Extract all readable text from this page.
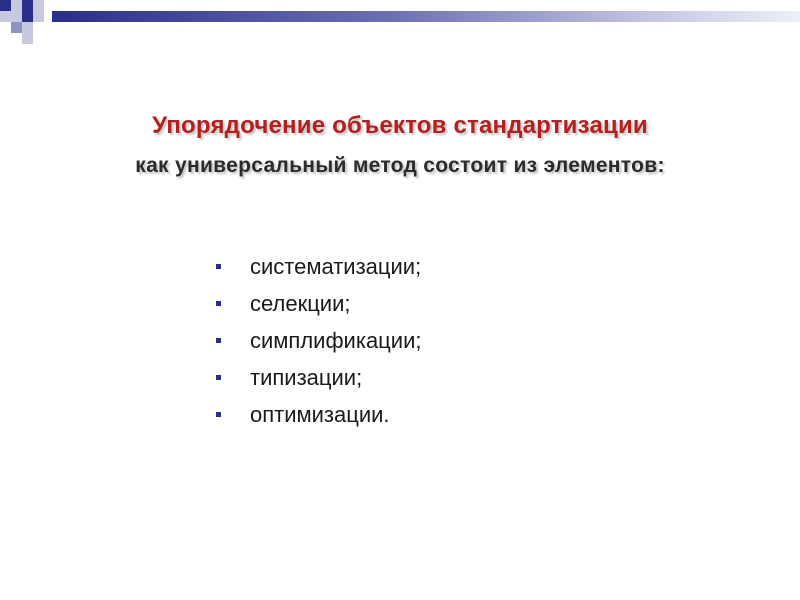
Упорядочение объектов стандартизации
как универсальный метод состоит из элементов:
систематизации;
селекции;
симплификации;
типизации;
оптимизации.
